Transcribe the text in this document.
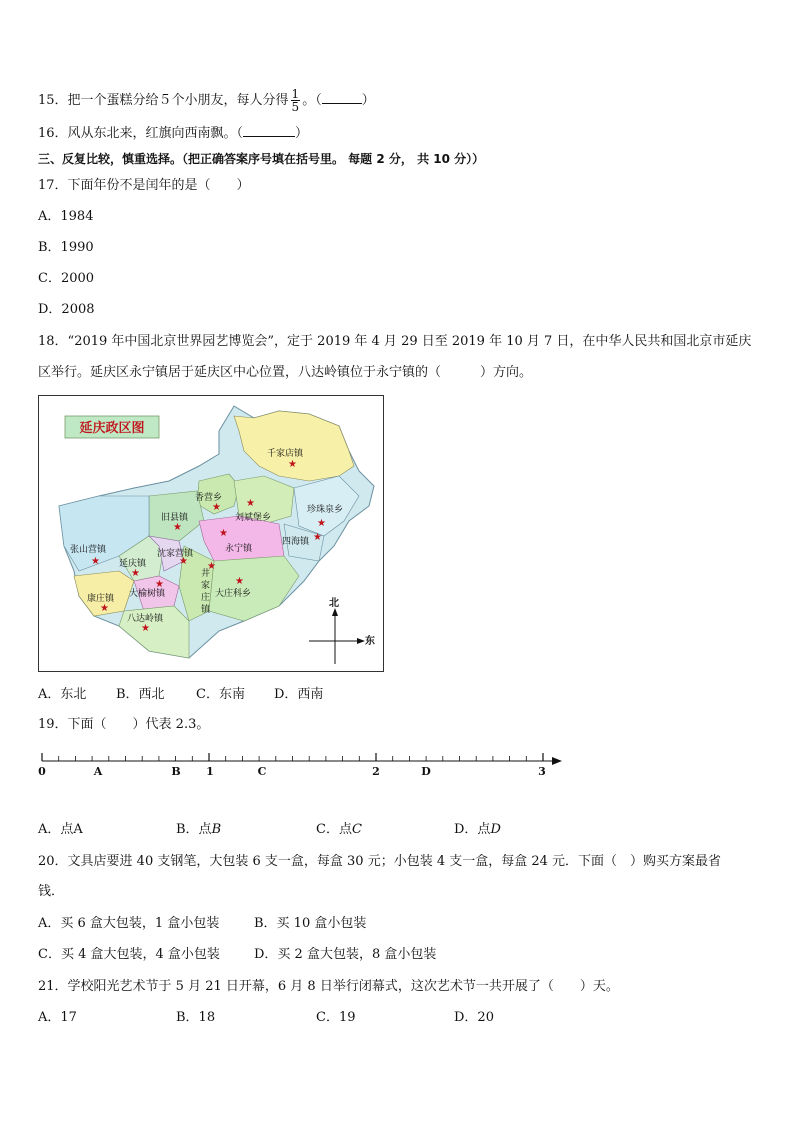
15．把一个蛋糕分给５个小朋友，每人分得 $\frac{1}{5}$ 。（	）
16．风从东北来，红旗向西南飘。（	）
三、反复比较，慎重选择。（把正确答案序号填在括号里。 每题 2 分， 共 10 分））
17．下面年份不是闰年的是（　　）
A．1984
B．1990
C．2000
D．2008
18．“2019 年中国北京世界园艺博览会”，定于 2019 年 4 月 29 日至 2019 年 10 月 7 日，在中华人民共和国北京市延庆
区举行。延庆区永宁镇居于延庆区中心位置，八达岭镇位于永宁镇的（　　　）方向。
延庆政区图
千家店镇
香营乡
刘斌堡乡
珍珠泉乡
旧县镇
四海镇
张山营镇	沈家营镇	永宁镇
延庆镇
井
家
庄
镇
大庄科乡
康庄镇 大榆树镇
八达岭镇
★
★	★
★
★
★
★	★
★
★
★
★
★
★
★
北
东
A．东北 B．西北 C．东南 D．西南
19．下面（　　）代表 2.3。
0	A	B 1	C	2	D	3
A．点A	B．点B	C．点C	D．点D
20．文具店要进 40 支钢笔，大包装 6 支一盒，每盒 30 元；小包装 4 支一盒，每盒 24 元．下面（　）购买方案最省
钱．
A．买 6 盒大包装，1 盒小包装	B．买 10 盒小包装
C．买 4 盒大包装，4 盒小包装	D．买 2 盒大包装，8 盒小包装
21．学校阳光艺术节于 5 月 21 日开幕，6 月 8 日举行闭幕式，这次艺术节一共开展了（　　）天。
A．17	B．18	C．19	D．20
